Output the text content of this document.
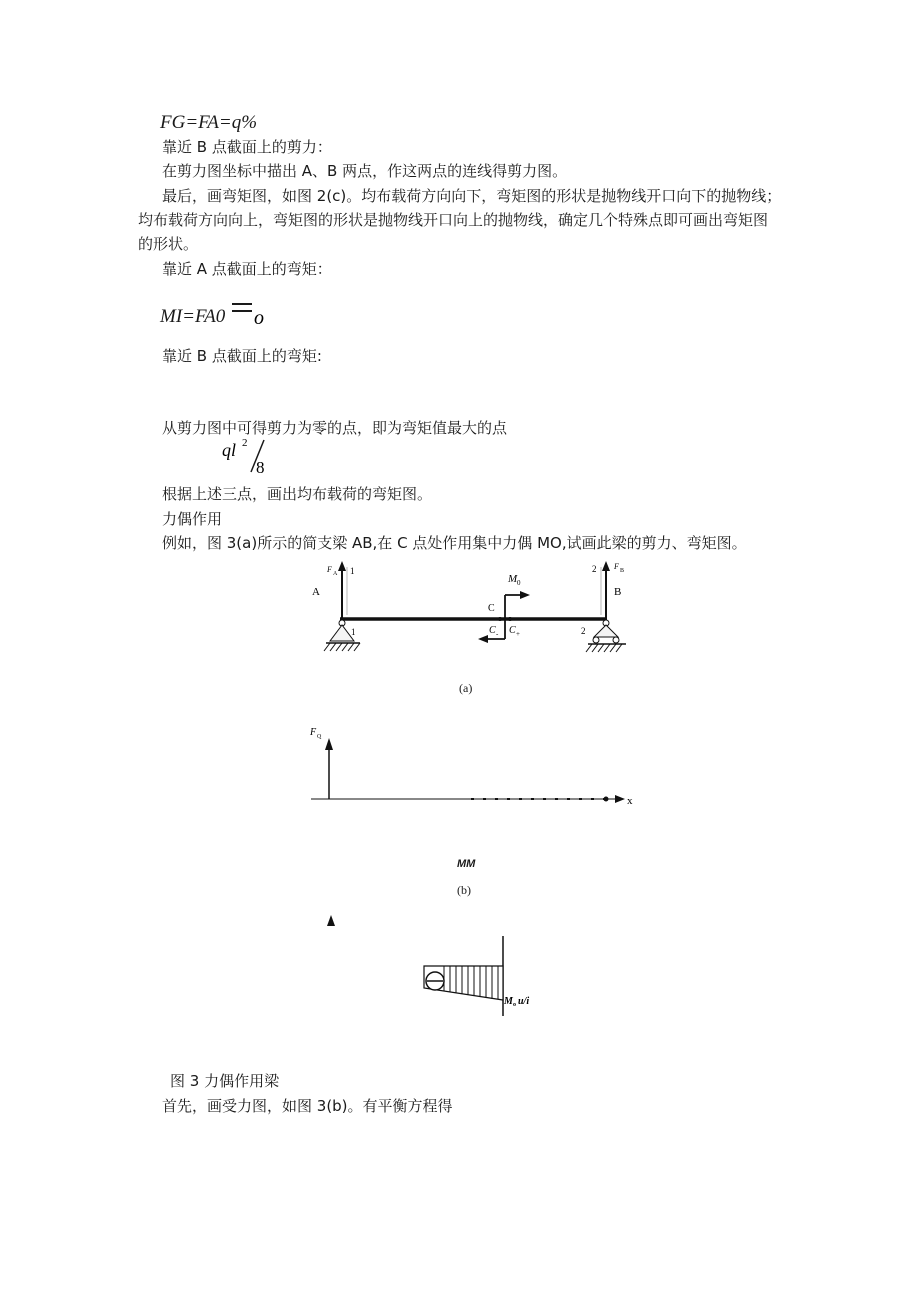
FG=FA=q%
靠近 B 点截面上的剪力：
在剪力图坐标中描出 A、B 两点，作这两点的连线得剪力图。
最后，画弯矩图，如图 2(c)。均布载荷方向向下，弯矩图的形状是抛物线开口向下的抛物线；
均布载荷方向向上，弯矩图的形状是抛物线开口向上的抛物线，确定几个特殊点即可画出弯矩图
的形状。
靠近 A 点截面上的弯矩：
MI=FA0 o
靠近 B 点截面上的弯矩:
从剪力图中可得剪力为零的点，即为弯矩值最大的点
ql 2
8
根据上述三点，画出均布载荷的弯矩图。
力偶作用
例如，图 3(a)所示的简支梁 AB,在 C 点处作用集中力偶 MO,试画此梁的剪力、弯矩图。
A
F A 1
1
B
2 F B
2
M 0
C
C - C +
(a)
F Q
x
MM
(b)
M o u/i
图 3 力偶作用梁
首先，画受力图，如图 3(b)。有平衡方程得
